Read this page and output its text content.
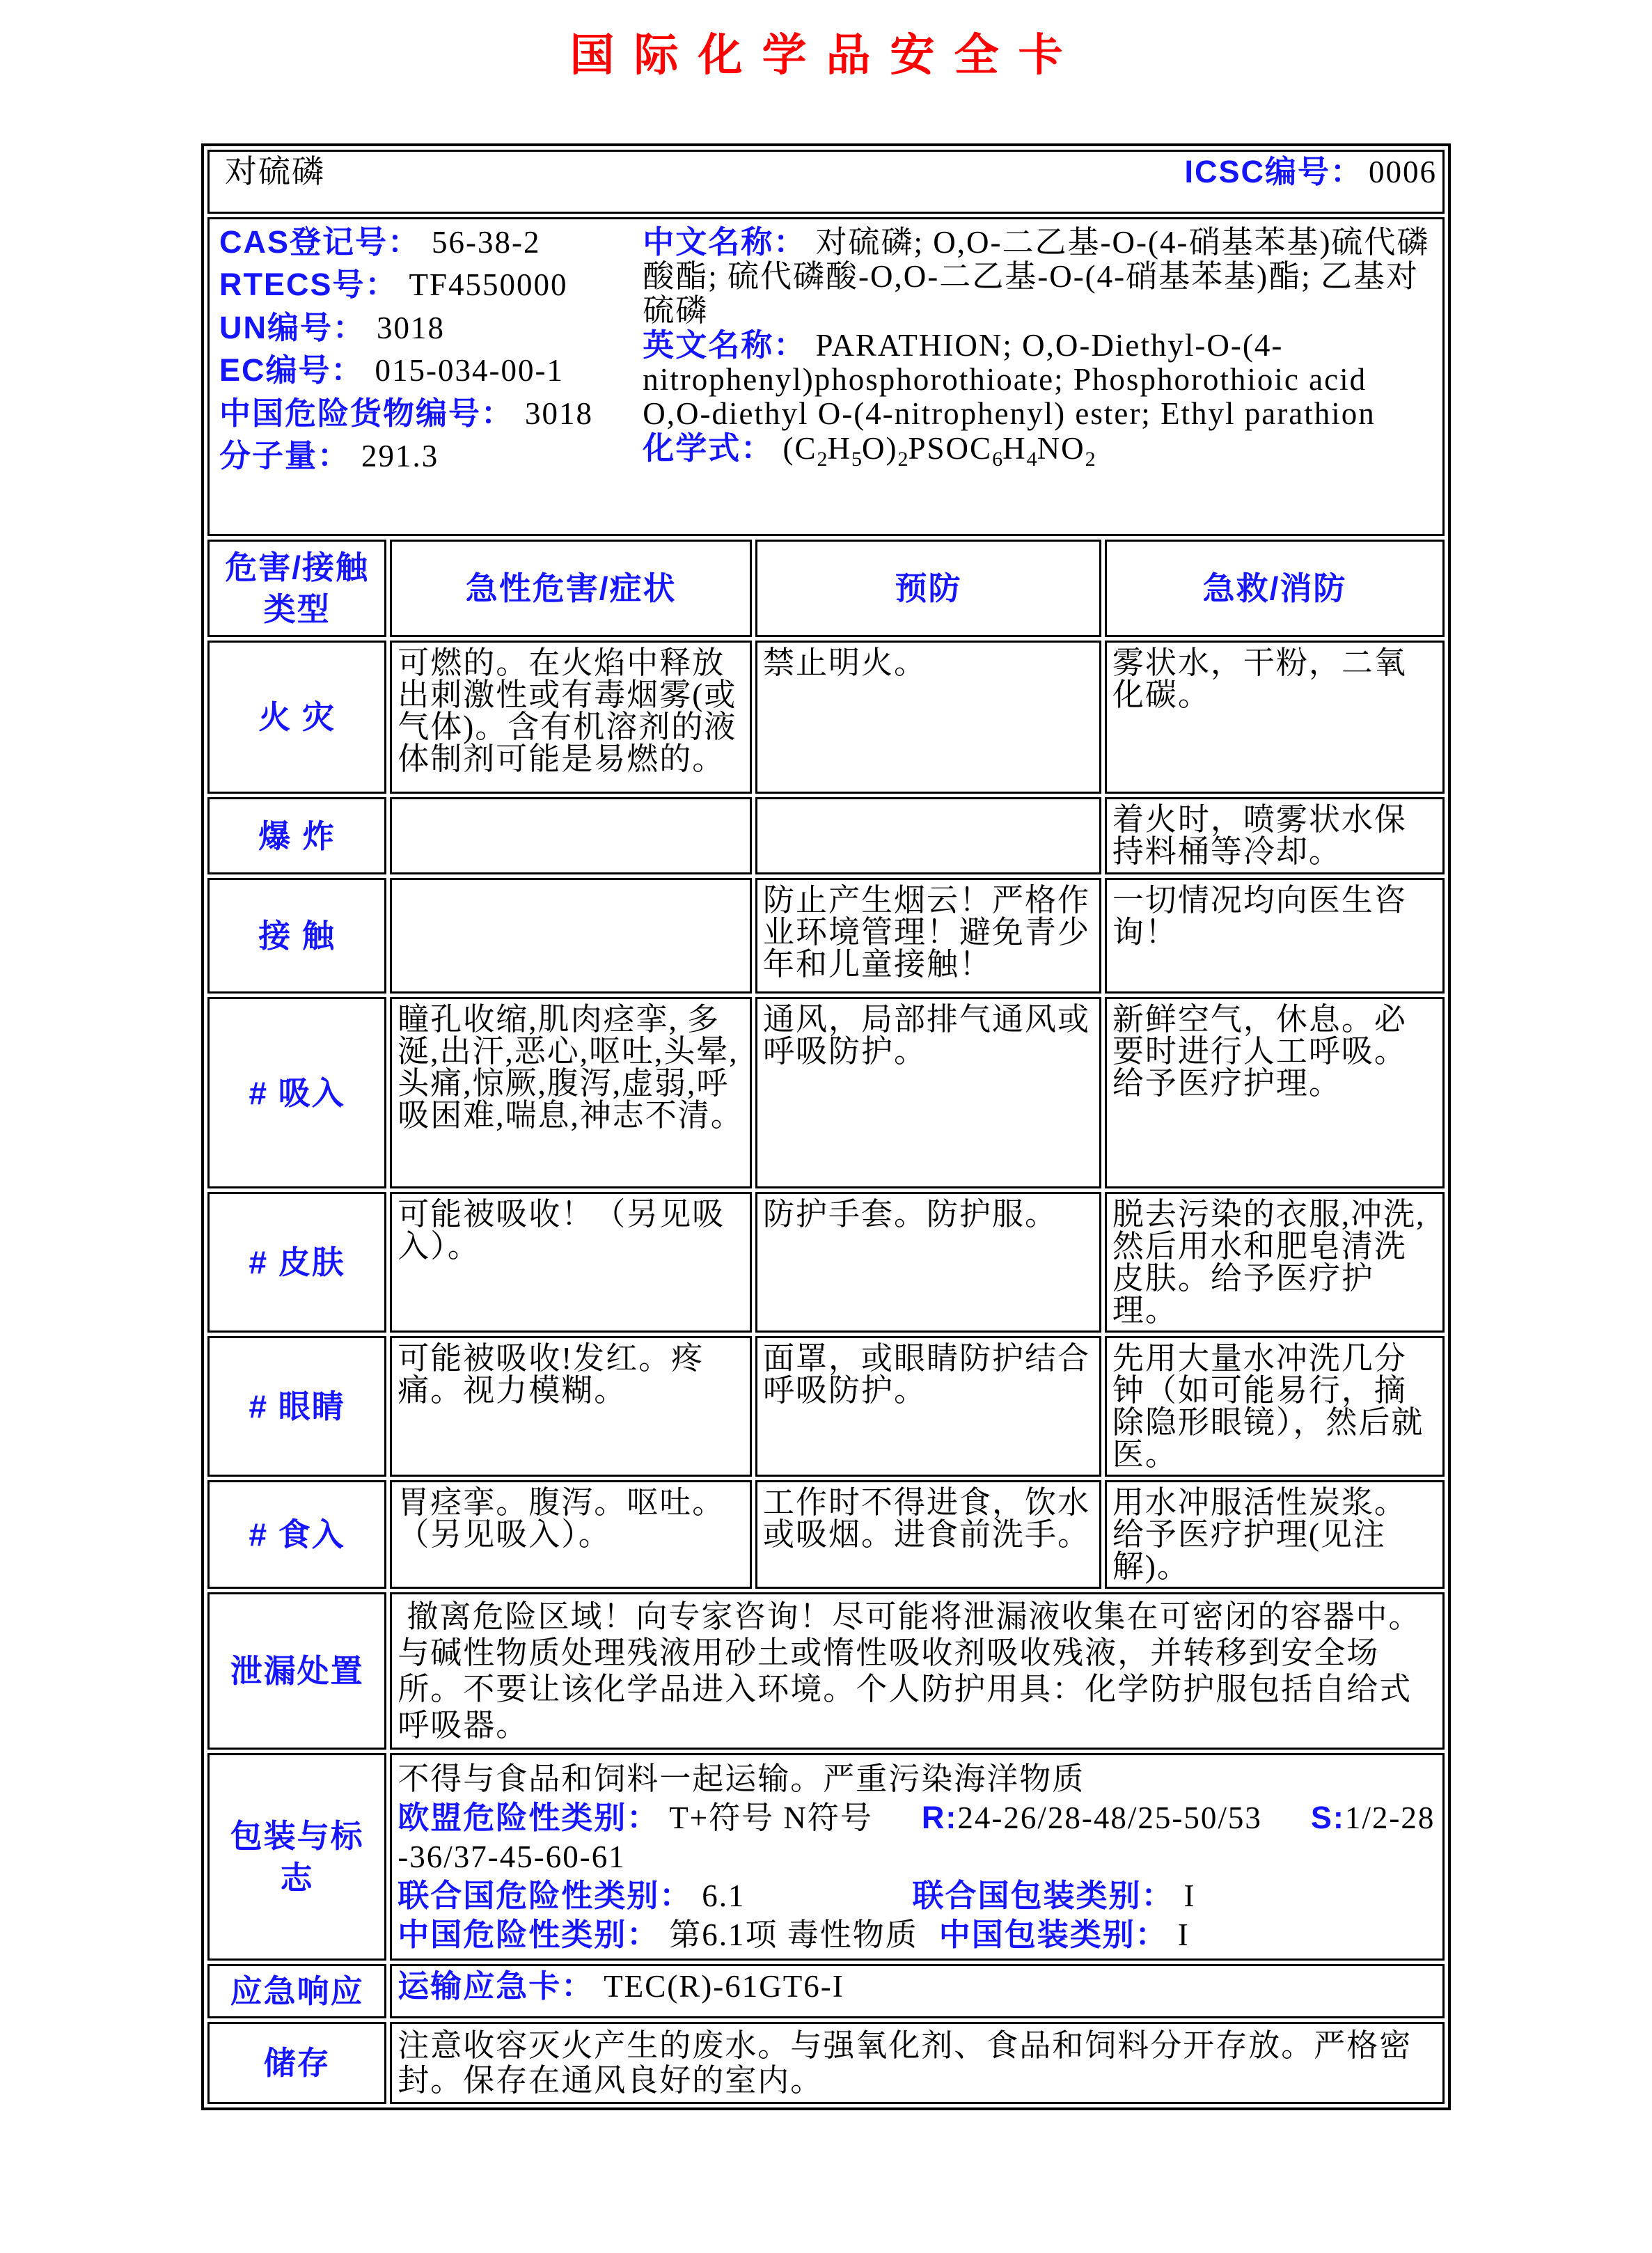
国际化学品安全卡
对硫磷 ICSC编号： 0006			

CAS登记号： 56-38-2
RTECS号： TF4550000
UN编号： 3018
EC编号： 015-034-00-1
中国危险货物编号： 3018
分子量： 291.3

中文名称： 对硫磷; O,O-二乙基-O-(4-硝基苯基)硫代磷酸酯; 硫代磷酸-O,O-二乙基-O-(4-硝基苯基)酯; 乙基对硫磷

英文名称： PARATHION; O,O-Diethyl-O-(4-nitrophenyl)phosphorothioate; Phosphorothioic acid O,O-diethyl O-(4-nitrophenyl) ester; Ethyl parathion

化学式： $(C_2H_5O)_2PSOC_6H_4NO_2$

危害/接触类型	急性危害/症状	预防	急救/消防
火 灾	可燃的。在火焰中释放出刺激性或有毒烟雾(或气体)。含有机溶剂的液体制剂可能是易燃的。	禁止明火。	雾状水，干粉，二氧化碳。
爆 炸			着火时，喷雾状水保持料桶等冷却。
接 触		防止产生烟云！严格作业环境管理！避免青少年和儿童接触！	一切情况均向医生咨询！
# 吸入	瞳孔收缩,肌肉痉挛, 多涎,出汗,恶心,呕吐,头晕,头痛,惊厥,腹泻,虚弱,呼吸困难,喘息,神志不清。	通风，局部排气通风或呼吸防护。	新鲜空气，休息。必要时进行人工呼吸。给予医疗护理。
# 皮肤	可能被吸收！（另见吸入）。	防护手套。防护服。	脱去污染的衣服,冲洗,然后用水和肥皂清洗皮肤。给予医疗护理。
# 眼睛	可能被吸收!发红。疼痛。视力模糊。	面罩，或眼睛防护结合呼吸防护。	先用大量水冲洗几分钟（如可能易行，摘除隐形眼镜），然后就医。
# 食入	胃痉挛。腹泻。呕吐。（另见吸入）。	工作时不得进食，饮水或吸烟。进食前洗手。	用水冲服活性炭浆。给予医疗护理(见注解)。
泄漏处置	撤离危险区域！向专家咨询！尽可能将泄漏液收集在可密闭的容器中。与碱性物质处理残液用砂土或惰性吸收剂吸收残液，并转移到安全场所。不要让该化学品进入环境。个人防护用具：化学防护服包括自给式呼吸器。		
包装与标志	不得与食品和饲料一起运输。严重污染海洋物质
欧盟危险性类别： T+符号 N符号 R:24-26/28-48/25-50/53 S:1/2-28-36/37-45-60-61
联合国危险性类别： 6.1 联合国包装类别： I
中国危险性类别： 第6.1项 毒性物质 中国包装类别： I		

应急响应	运输应急卡： TEC(R)-61GT6-I		
储存	注意收容灭火产生的废水。与强氧化剂、食品和饲料分开存放。严格密封。保存在通风良好的室内。		
